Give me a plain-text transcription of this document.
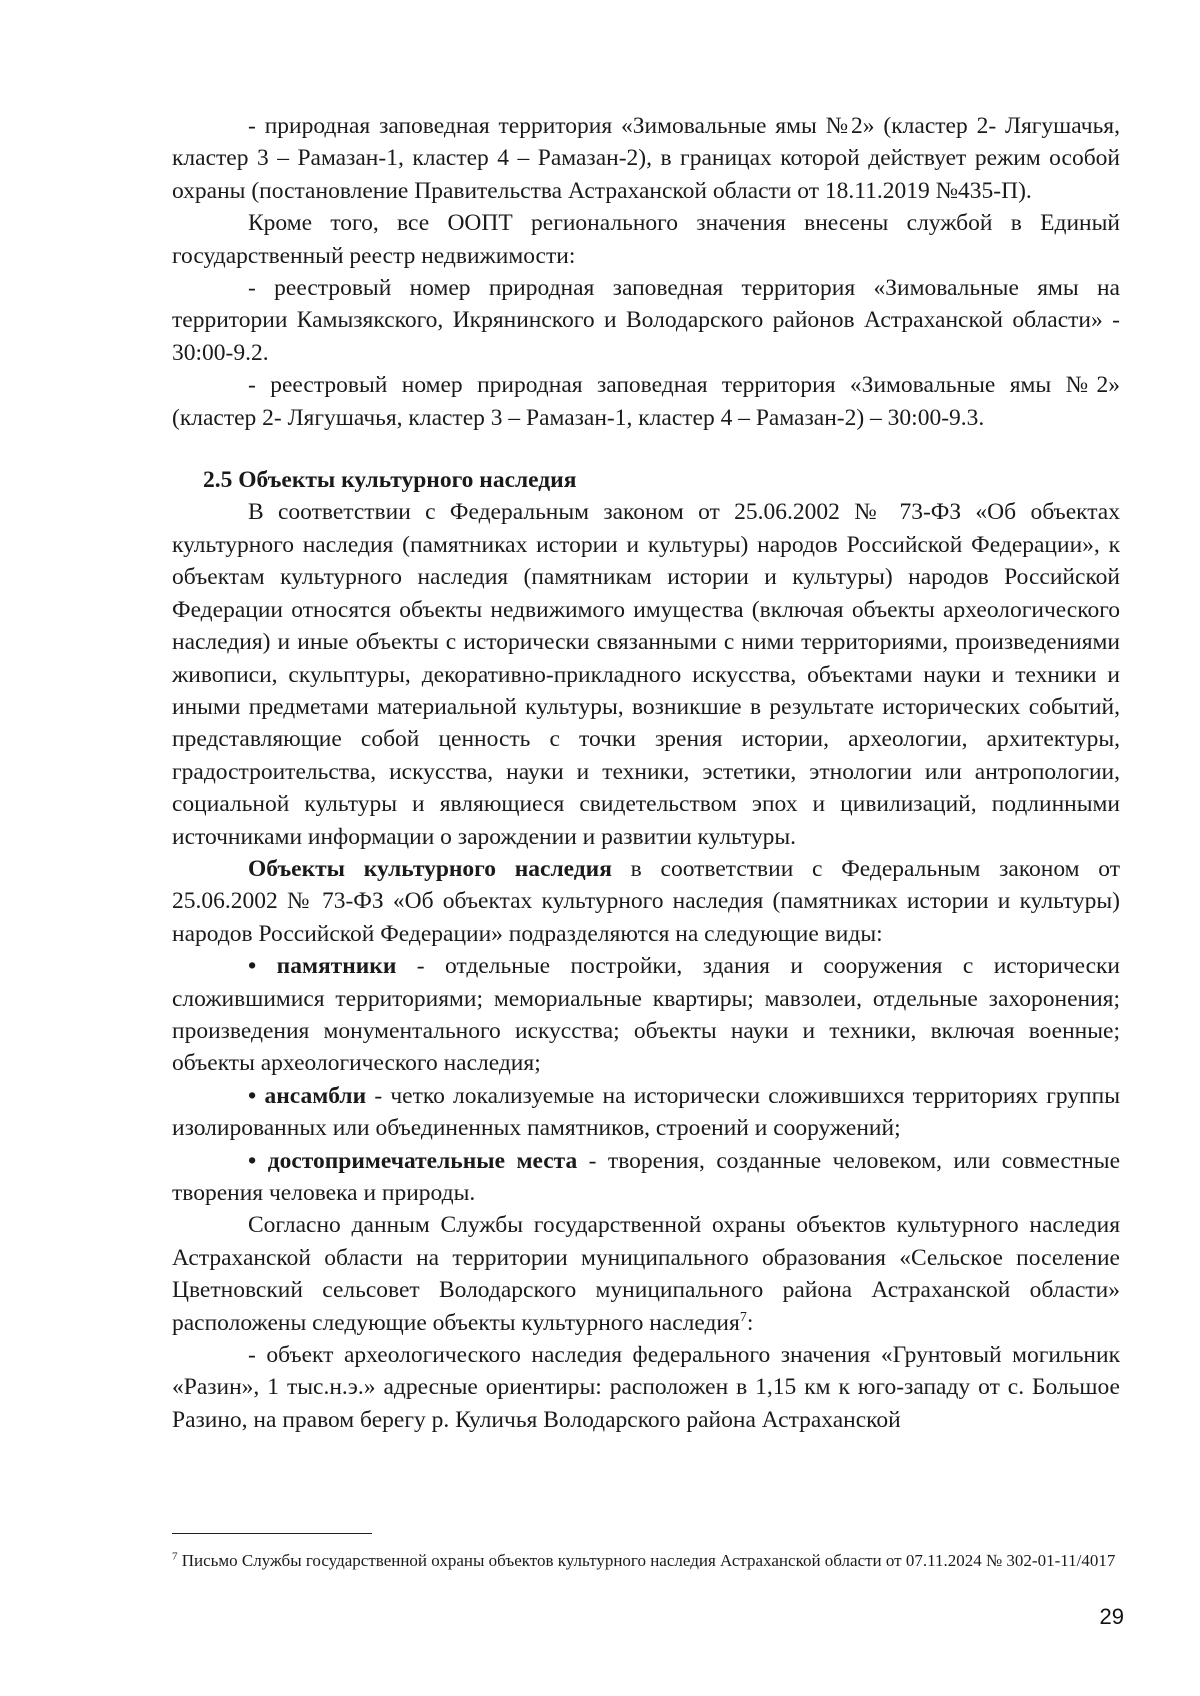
- природная заповедная территория «Зимовальные ямы №2» (кластер 2- Лягушачья, кластер 3 – Рамазан-1, кластер 4 – Рамазан-2), в границах которой действует режим особой охраны (постановление Правительства Астраханской области от 18.11.2019 №435-П).

Кроме того, все ООПТ регионального значения внесены службой в Единый государственный реестр недвижимости:

- реестровый номер природная заповедная территория «Зимовальные ямы на территории Камызякского, Икрянинского и Володарского районов Астраханской области» - 30:00-9.2.

- реестровый номер природная заповедная территория «Зимовальные ямы №2» (кластер 2- Лягушачья, кластер 3 – Рамазан-1, кластер 4 – Рамазан-2) – 30:00-9.3.

2.5 Объекты культурного наследия

В соответствии с Федеральным законом от 25.06.2002 № 73-ФЗ «Об объектах культурного наследия (памятниках истории и культуры) народов Российской Федерации», к объектам культурного наследия (памятникам истории и культуры) народов Российской Федерации относятся объекты недвижимого имущества (включая объекты археологического наследия) и иные объекты с исторически связанными с ними территориями, произведениями живописи, скульптуры, декоративно-прикладного искусства, объектами науки и техники и иными предметами материальной культуры, возникшие в результате исторических событий, представляющие собой ценность с точки зрения истории, археологии, архитектуры, градостроительства, искусства, науки и техники, эстетики, этнологии или антропологии, социальной культуры и являющиеся свидетельством эпох и цивилизаций, подлинными источниками информации о зарождении и развитии культуры.

Объекты культурного наследия в соответствии с Федеральным законом от 25.06.2002 № 73-ФЗ «Об объектах культурного наследия (памятниках истории и культуры) народов Российской Федерации» подразделяются на следующие виды:

• памятники - отдельные постройки, здания и сооружения с исторически сложившимися территориями; мемориальные квартиры; мавзолеи, отдельные захоронения; произведения монументального искусства; объекты науки и техники, включая военные; объекты археологического наследия;

• ансамбли - четко локализуемые на исторически сложившихся территориях группы изолированных или объединенных памятников, строений и сооружений;

• достопримечательные места - творения, созданные человеком, или совместные творения человека и природы.

Согласно данным Службы государственной охраны объектов культурного наследия Астраханской области на территории муниципального образования «Сельское поселение Цветновский сельсовет Володарского муниципального района Астраханской области» расположены следующие объекты культурного наследия$^7$:

- объект археологического наследия федерального значения «Грунтовый могильник «Разин», 1 тыс.н.э.» адресные ориентиры: расположен в 1,15 км к юго-западу от с. Большое Разино, на правом берегу р. Куличья Володарского района Астраханской

$^7$ Письмо Службы государственной охраны объектов культурного наследия Астраханской области от 07.11.2024 № 302-01-11/4017
29
